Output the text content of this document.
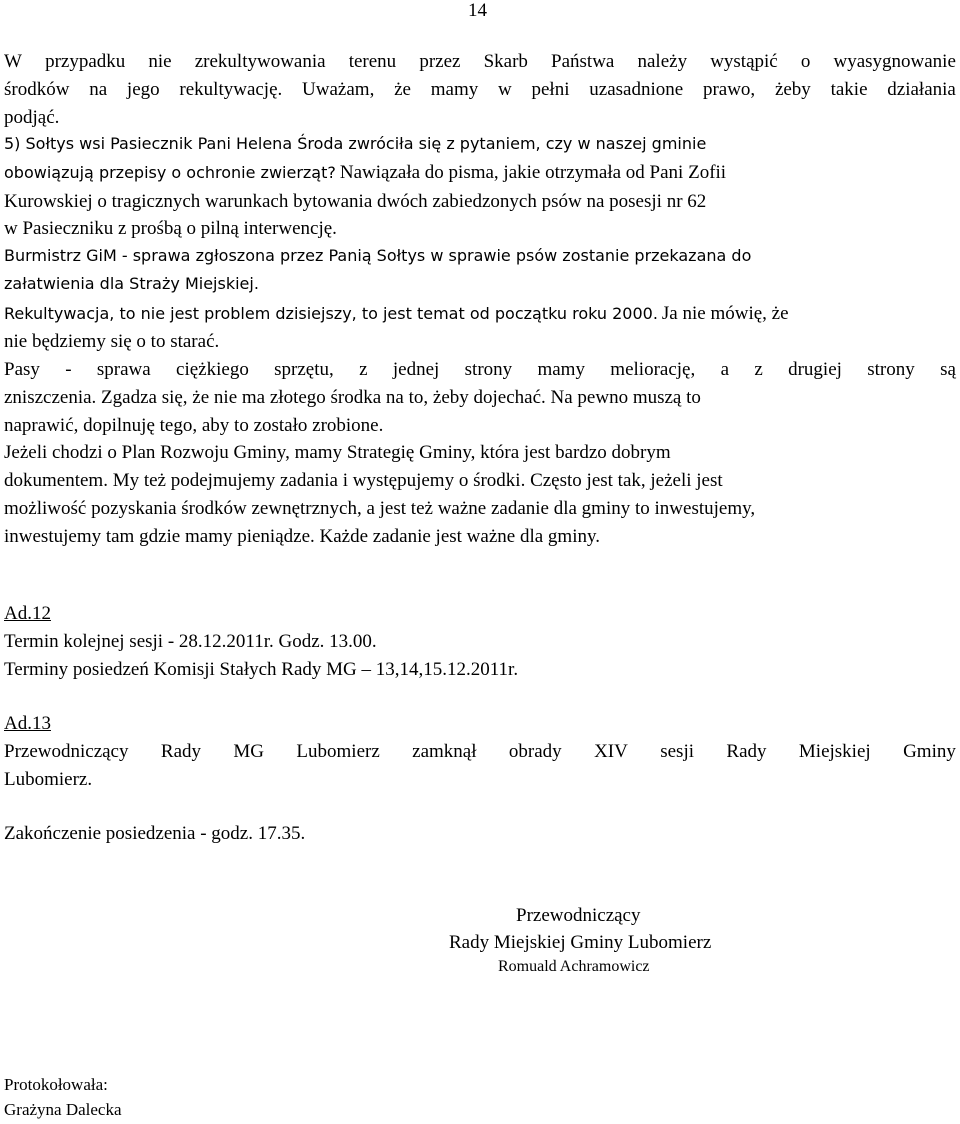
14
W przypadku nie zrekultywowania terenu przez Skarb Państwa należy wystąpić o wyasygnowanie
środków na jego rekultywację. Uważam, że mamy w pełni uzasadnione prawo, żeby takie działania
podjąć.
5) Sołtys wsi Pasiecznik Pani Helena Środa zwróciła się z pytaniem, czy w naszej gminie
obowiązują przepisy o ochronie zwierząt? Nawiązała do pisma, jakie otrzymała od Pani Zofii
Kurowskiej o tragicznych warunkach bytowania dwóch zabiedzonych psów na posesji nr 62
w Pasieczniku z prośbą o pilną interwencję.
Burmistrz GiM - sprawa zgłoszona przez Panią Sołtys w sprawie psów zostanie przekazana do
załatwienia dla Straży Miejskiej.
Rekultywacja, to nie jest problem dzisiejszy, to jest temat od początku roku 2000. Ja nie mówię, że
nie będziemy się o to starać.
Pasy - sprawa ciężkiego sprzętu, z jednej strony mamy meliorację, a z drugiej strony są
zniszczenia. Zgadza się, że nie ma złotego środka na to, żeby dojechać. Na pewno muszą to
naprawić, dopilnuję tego, aby to zostało zrobione.
Jeżeli chodzi o Plan Rozwoju Gminy, mamy Strategię Gminy, która jest bardzo dobrym
dokumentem. My też podejmujemy zadania i występujemy o środki. Często jest tak, jeżeli jest
możliwość pozyskania środków zewnętrznych, a jest też ważne zadanie dla gminy to inwestujemy,
inwestujemy tam gdzie mamy pieniądze. Każde zadanie jest ważne dla gminy.
Ad.12
Termin kolejnej sesji - 28.12.2011r. Godz. 13.00.
Terminy posiedzeń Komisji Stałych Rady MG – 13,14,15.12.2011r.
Ad.13
Przewodniczący Rady MG Lubomierz zamknął obrady XIV sesji Rady Miejskiej Gminy
Lubomierz.
Zakończenie posiedzenia - godz. 17.35.
Przewodniczący
Rady Miejskiej Gminy Lubomierz
Romuald Achramowicz
Protokołowała:
Grażyna Dalecka
